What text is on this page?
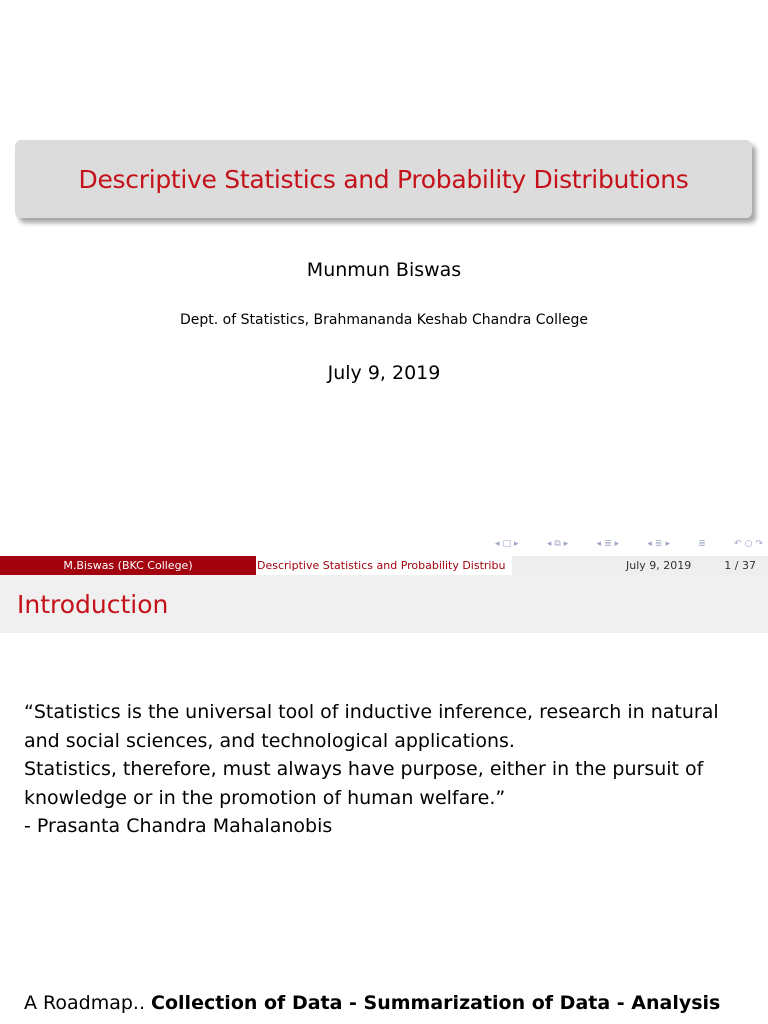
Descriptive Statistics and Probability Distributions
Munmun Biswas
Dept. of Statistics, Brahmananda Keshab Chandra College
July 9, 2019
◂ □ ▸	◂ ⧉ ▸	◂ ≣ ▸	◂ ≣ ▸	≣	↶ ○ ↷
M.Biswas (BKC College)	Descriptive Statistics and Probability Distribu	July 9, 2019	1 / 37
Introduction
“Statistics is the universal tool of inductive inference, research in natural
and social sciences, and technological applications.
Statistics, therefore, must always have purpose, either in the pursuit of
knowledge or in the promotion of human welfare.”
- Prasanta Chandra Mahalanobis
A Roadmap.. Collection of Data - Summarization of Data - Analysis
